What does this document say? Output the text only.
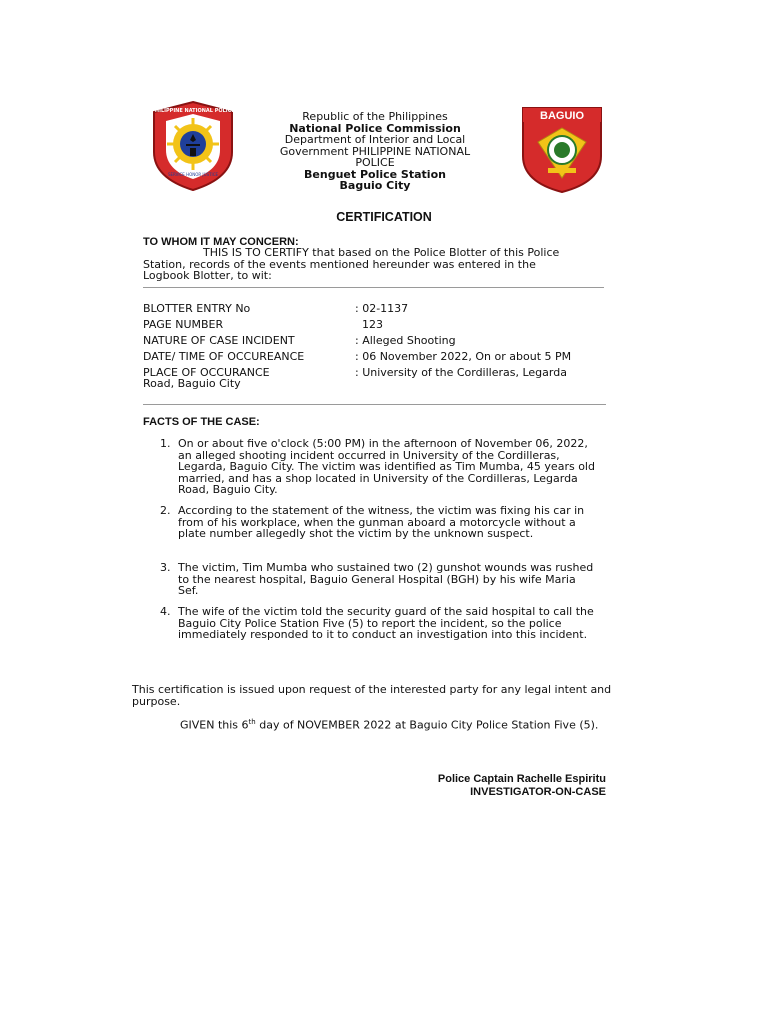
PHILIPPINE NATIONAL POLICE
SERVICE HONOR JUSTICE
BAGUIO
Republic of the Philippines
National Police Commission
Department of Interior and Local
Government PHILIPPINE NATIONAL
POLICE
Benguet Police Station
Baguio City
CERTIFICATION
TO WHOM IT MAY CONCERN:
THIS IS TO CERTIFY that based on the Police Blotter of this Police Station, records of the events mentioned hereunder was entered in the Logbook Blotter, to wit:
BLOTTER ENTRY No	: 02-1137
PAGE NUMBER	123
NATURE OF CASE INCIDENT	: Alleged Shooting
DATE/ TIME OF OCCUREANCE	: 06 November 2022, On or about 5 PM
PLACE OF OCCURANCE	: University of the Cordilleras, Legarda
Road, Baguio City
FACTS OF THE CASE:
1. On or about five o'clock (5:00 PM) in the afternoon of November 06, 2022, an alleged shooting incident occurred in University of the Cordilleras, Legarda, Baguio City. The victim was identified as Tim Mumba, 45 years old married, and has a shop located in University of the Cordilleras, Legarda Road, Baguio City.
2. According to the statement of the witness, the victim was fixing his car in from of his workplace, when the gunman aboard a motorcycle without a plate number allegedly shot the victim by the unknown suspect.
3. The victim, Tim Mumba who sustained two (2) gunshot wounds was rushed to the nearest hospital, Baguio General Hospital (BGH) by his wife Maria Sef.
4. The wife of the victim told the security guard of the said hospital to call the Baguio City Police Station Five (5) to report the incident, so the police immediately responded to it to conduct an investigation into this incident.
This certification is issued upon request of the interested party for any legal intent and purpose.
GIVEN this 6th day of NOVEMBER 2022 at Baguio City Police Station Five (5).
Police Captain Rachelle Espiritu
INVESTIGATOR-ON-CASE
